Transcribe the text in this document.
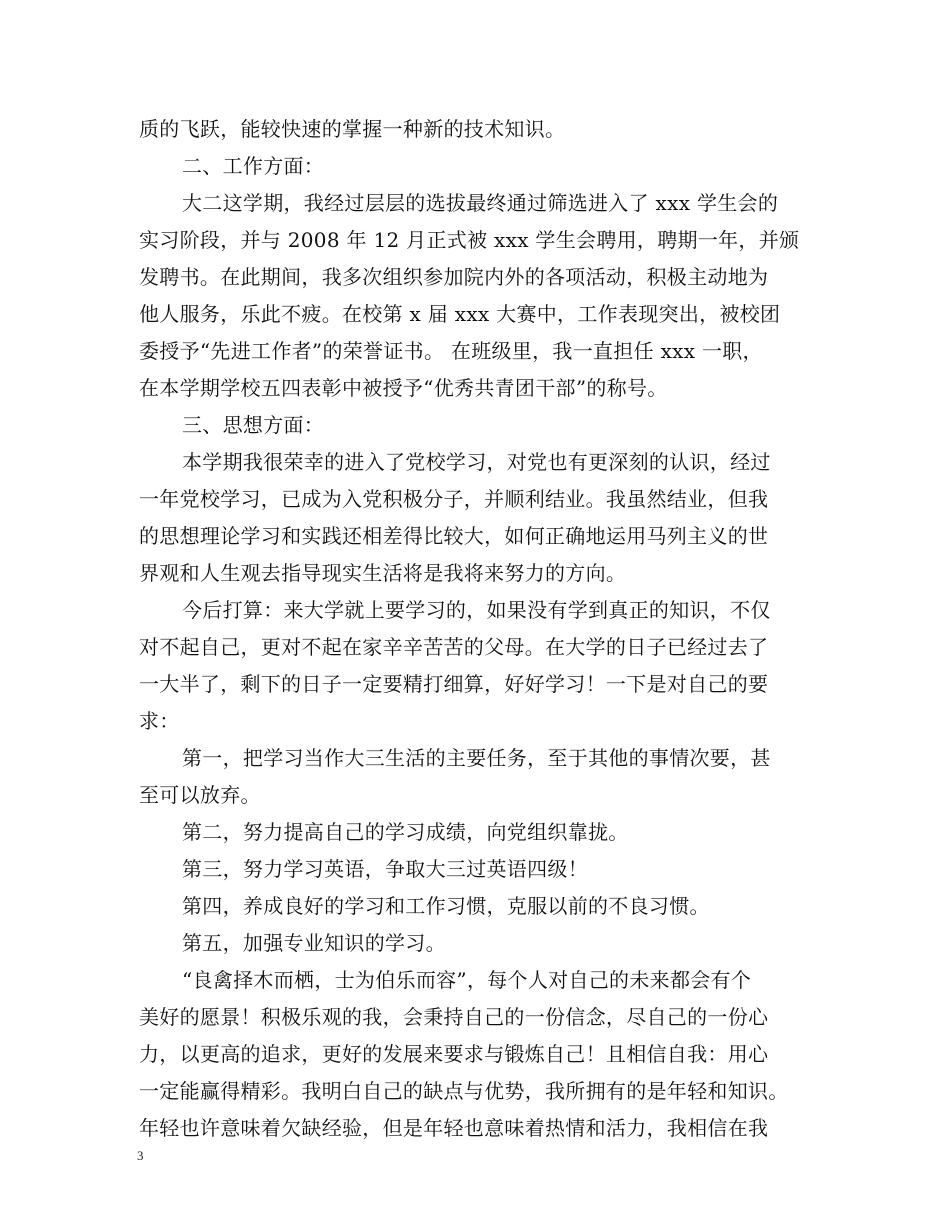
质的飞跃，能较快速的掌握一种新的技术知识。
二、工作方面：
大二这学期，我经过层层的选拔最终通过筛选进入了 xxx 学生会的
实习阶段，并与 2008 年 12 月正式被 xxx 学生会聘用，聘期一年，并颁
发聘书。在此期间，我多次组织参加院内外的各项活动，积极主动地为
他人服务，乐此不疲。在校第 x 届 xxx 大赛中，工作表现突出，被校团
委授予“先进工作者”的荣誉证书。 在班级里，我一直担任 xxx 一职，
在本学期学校五四表彰中被授予“优秀共青团干部”的称号。
三、思想方面：
本学期我很荣幸的进入了党校学习，对党也有更深刻的认识，经过
一年党校学习，已成为入党积极分子，并顺利结业。我虽然结业，但我
的思想理论学习和实践还相差得比较大，如何正确地运用马列主义的世
界观和人生观去指导现实生活将是我将来努力的方向。
今后打算：来大学就上要学习的，如果没有学到真正的知识，不仅
对不起自己，更对不起在家辛辛苦苦的父母。在大学的日子已经过去了
一大半了，剩下的日子一定要精打细算，好好学习！一下是对自己的要
求：
第一，把学习当作大三生活的主要任务，至于其他的事情次要，甚
至可以放弃。
第二，努力提高自己的学习成绩，向党组织靠拢。
第三，努力学习英语，争取大三过英语四级！
第四，养成良好的学习和工作习惯，克服以前的不良习惯。
第五，加强专业知识的学习。
“良禽择木而栖，士为伯乐而容”，每个人对自己的未来都会有个
美好的愿景！积极乐观的我，会秉持自己的一份信念，尽自己的一份心
力，以更高的追求，更好的发展来要求与锻炼自己！且相信自我：用心
一定能赢得精彩。我明白自己的缺点与优势，我所拥有的是年轻和知识。
年轻也许意味着欠缺经验，但是年轻也意味着热情和活力，我相信在我
3
